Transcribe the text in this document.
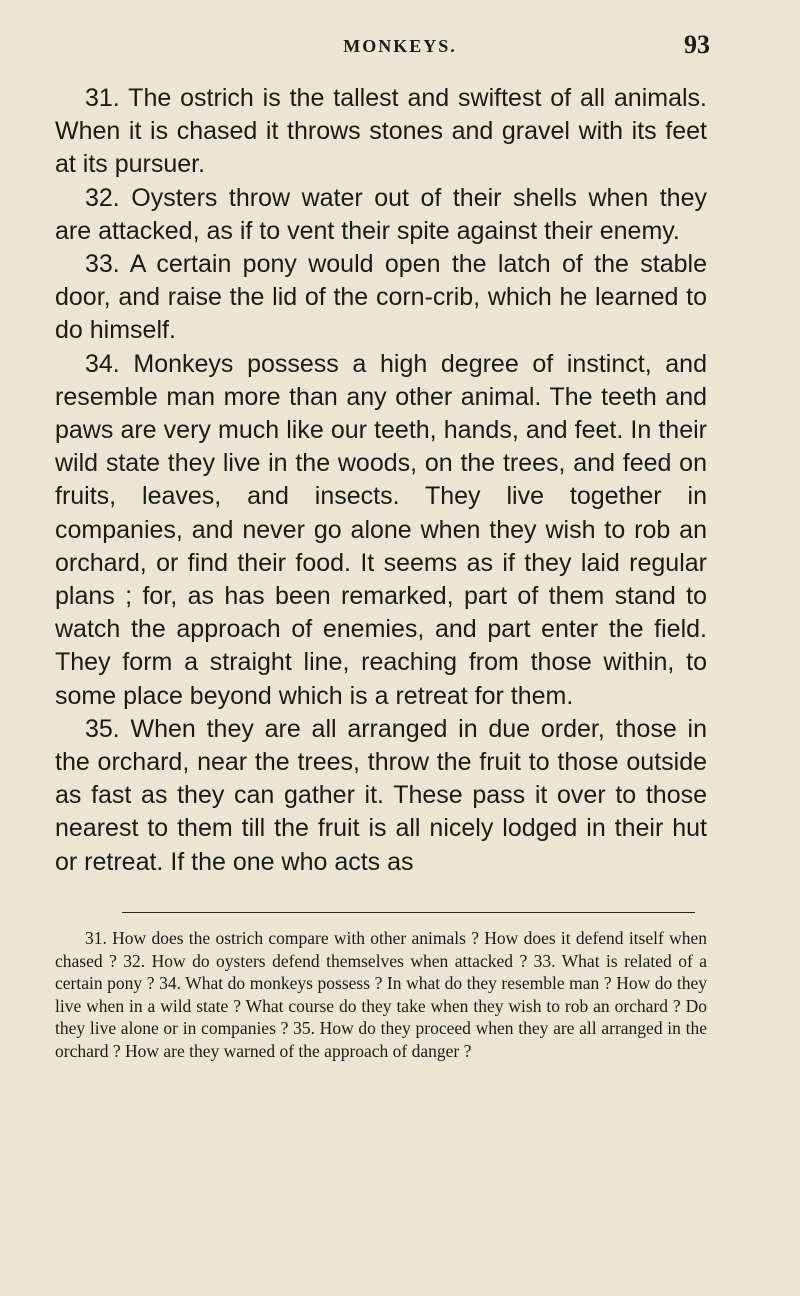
MONKEYS.	93

31. The ostrich is the tallest and swiftest of all animals. When it is chased it throws stones and gravel with its feet at its pursuer.

32. Oysters throw water out of their shells when they are attacked, as if to vent their spite against their enemy.

33. A certain pony would open the latch of the stable door, and raise the lid of the corn-crib, which he learned to do himself.

34. Monkeys possess a high degree of instinct, and resemble man more than any other animal. The teeth and paws are very much like our teeth, hands, and feet. In their wild state they live in the woods, on the trees, and feed on fruits, leaves, and insects. They live together in companies, and never go alone when they wish to rob an orchard, or find their food. It seems as if they laid regular plans ; for, as has been remarked, part of them stand to watch the approach of enemies, and part enter the field. They form a straight line, reaching from those within, to some place beyond which is a retreat for them.

35. When they are all arranged in due order, those in the orchard, near the trees, throw the fruit to those outside as fast as they can gather it. These pass it over to those nearest to them till the fruit is all nicely lodged in their hut or retreat. If the one who acts as

31. How does the ostrich compare with other animals ? How does it defend itself when chased ? 32. How do oysters defend themselves when attacked ? 33. What is related of a certain pony ? 34. What do monkeys possess ? In what do they resemble man ? How do they live when in a wild state ? What course do they take when they wish to rob an orchard ? Do they live alone or in companies ? 35. How do they proceed when they are all arranged in the orchard ? How are they warned of the approach of danger ?
